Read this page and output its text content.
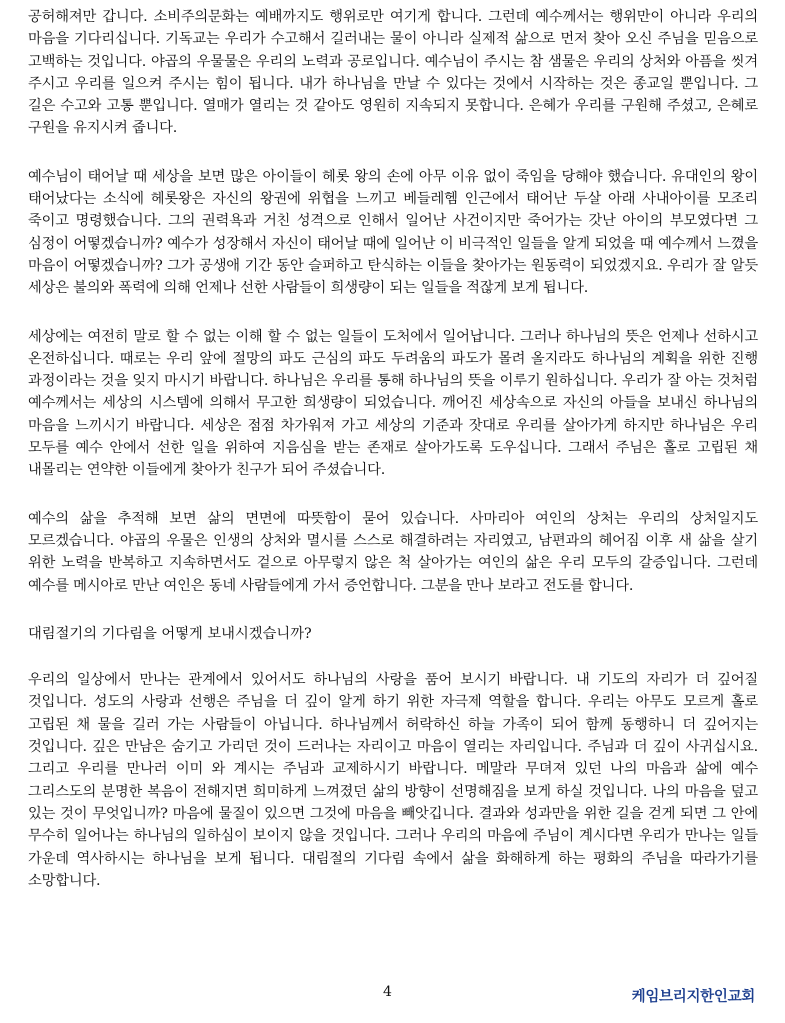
공허해져만 갑니다. 소비주의문화는 예배까지도 행위로만 여기게 합니다. 그런데 예수께서는 행위만이 아니라 우리의 마음을 기다리십니다. 기독교는 우리가 수고해서 길러내는 물이 아니라 실제적 삶으로 먼저 찾아 오신 주님을 믿음으로 고백하는 것입니다. 야곱의 우물물은 우리의 노력과 공로입니다. 예수님이 주시는 참 샘물은 우리의 상처와 아픔을 씻겨 주시고 우리를 일으켜 주시는 힘이 됩니다. 내가 하나님을 만날 수 있다는 것에서 시작하는 것은 종교일 뿐입니다. 그 길은 수고와 고통 뿐입니다. 열매가 열리는 것 같아도 영원히 지속되지 못합니다. 은혜가 우리를 구원해 주셨고, 은혜로 구원을 유지시켜 줍니다.

예수님이 태어날 때 세상을 보면 많은 아이들이 헤롯 왕의 손에 아무 이유 없이 죽임을 당해야 했습니다. 유대인의 왕이 태어났다는 소식에 헤롯왕은 자신의 왕권에 위협을 느끼고 베들레헴 인근에서 태어난 두살 아래 사내아이를 모조리 죽이고 명령했습니다. 그의 권력욕과 거친 성격으로 인해서 일어난 사건이지만 죽어가는 갓난 아이의 부모였다면 그 심정이 어떻겠습니까? 예수가 성장해서 자신이 태어날 때에 일어난 이 비극적인 일들을 알게 되었을 때 예수께서 느꼈을 마음이 어떻겠습니까? 그가 공생애 기간 동안 슬퍼하고 탄식하는 이들을 찾아가는 원동력이 되었겠지요. 우리가 잘 알듯 세상은 불의와 폭력에 의해 언제나 선한 사람들이 희생량이 되는 일들을 적잖게 보게 됩니다.

세상에는 여전히 말로 할 수 없는 이해 할 수 없는 일들이 도처에서 일어납니다. 그러나 하나님의 뜻은 언제나 선하시고 온전하십니다. 때로는 우리 앞에 절망의 파도 근심의 파도 두려움의 파도가 몰려 올지라도 하나님의 계획을 위한 진행 과정이라는 것을 잊지 마시기 바랍니다. 하나님은 우리를 통해 하나님의 뜻을 이루기 원하십니다. 우리가 잘 아는 것처럼 예수께서는 세상의 시스템에 의해서 무고한 희생량이 되었습니다. 깨어진 세상속으로 자신의 아들을 보내신 하나님의 마음을 느끼시기 바랍니다. 세상은 점점 차가워져 가고 세상의 기준과 잣대로 우리를 살아가게 하지만 하나님은 우리 모두를 예수 안에서 선한 일을 위하여 지음심을 받는 존재로 살아가도록 도우십니다. 그래서 주님은 홀로 고립된 채 내몰리는 연약한 이들에게 찾아가 친구가 되어 주셨습니다.

예수의 삶을 추적해 보면 삶의 면면에 따뜻함이 묻어 있습니다. 사마리아 여인의 상처는 우리의 상처일지도 모르겠습니다. 야곱의 우물은 인생의 상처와 멸시를 스스로 해결하려는 자리였고, 남편과의 헤어짐 이후 새 삶을 살기 위한 노력을 반복하고 지속하면서도 겉으로 아무렇지 않은 척 살아가는 여인의 삶은 우리 모두의 갈증입니다. 그런데 예수를 메시아로 만난 여인은 동네 사람들에게 가서 증언합니다. 그분을 만나 보라고 전도를 합니다.

대림절기의 기다림을 어떻게 보내시겠습니까?

우리의 일상에서 만나는 관계에서 있어서도 하나님의 사랑을 품어 보시기 바랍니다. 내 기도의 자리가 더 깊어질 것입니다. 성도의 사랑과 선행은 주님을 더 깊이 알게 하기 위한 자극제 역할을 합니다. 우리는 아무도 모르게 홀로 고립된 채 물을 길러 가는 사람들이 아닙니다. 하나님께서 허락하신 하늘 가족이 되어 함께 동행하니 더 깊어지는 것입니다. 깊은 만남은 숨기고 가리던 것이 드러나는 자리이고 마음이 열리는 자리입니다. 주님과 더 깊이 사귀십시요. 그리고 우리를 만나러 이미 와 계시는 주님과 교제하시기 바랍니다. 메말라 무뎌져 있던 나의 마음과 삶에 예수 그리스도의 분명한 복음이 전해지면 희미하게 느껴졌던 삶의 방향이 선명해짐을 보게 하실 것입니다. 나의 마음을 덮고 있는 것이 무엇입니까? 마음에 물질이 있으면 그것에 마음을 빼앗깁니다. 결과와 성과만을 위한 길을 걷게 되면 그 안에 무수히 일어나는 하나님의 일하심이 보이지 않을 것입니다. 그러나 우리의 마음에 주님이 계시다면 우리가 만나는 일들 가운데 역사하시는 하나님을 보게 됩니다. 대림절의 기다림 속에서 삶을 화해하게 하는 평화의 주님을 따라가기를 소망합니다.

4	케임브리지한인교회
